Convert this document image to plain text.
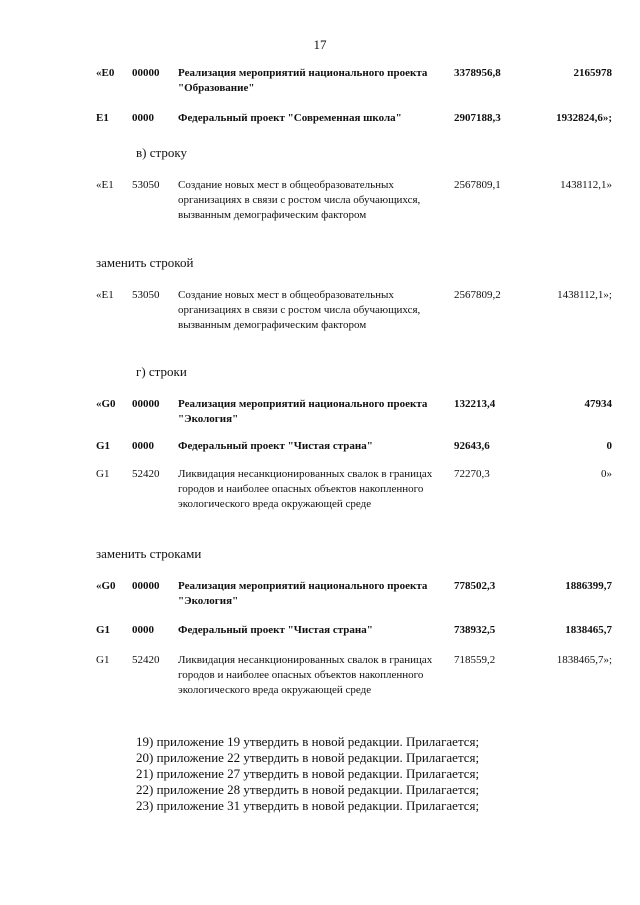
17
«Е0	00000	Реализация мероприятий национального проекта "Образование"	3378956,8	2165978
Е1	0000	Федеральный проект "Современная школа"	2907188,3	1932824,6»;
в) строку
«Е1	53050	Создание новых мест в общеобразовательных организациях в связи с ростом числа обучающихся, вызванным демографическим фактором	2567809,1	1438112,1»
заменить строкой
«Е1	53050	Создание новых мест в общеобразовательных организациях в связи с ростом числа обучающихся, вызванным демографическим фактором	2567809,2	1438112,1»;
г) строки
«G0	00000	Реализация мероприятий национального проекта "Экология"	132213,4	47934
G1	0000	Федеральный проект "Чистая страна"	92643,6	0
G1	52420	Ликвидация несанкционированных свалок в границах городов и наиболее опасных объектов накопленного экологического вреда окружающей среде	72270,3	0»
заменить строками
«G0	00000	Реализация мероприятий национального проекта "Экология"	778502,3	1886399,7
G1	0000	Федеральный проект "Чистая страна"	738932,5	1838465,7
G1	52420	Ликвидация несанкционированных свалок в границах городов и наиболее опасных объектов накопленного экологического вреда окружающей среде	718559,2	1838465,7»;
19) приложение 19 утвердить в новой редакции. Прилагается;
20) приложение 22 утвердить в новой редакции. Прилагается;
21) приложение 27 утвердить в новой редакции. Прилагается;
22) приложение 28 утвердить в новой редакции. Прилагается;
23) приложение 31 утвердить в новой редакции. Прилагается;
